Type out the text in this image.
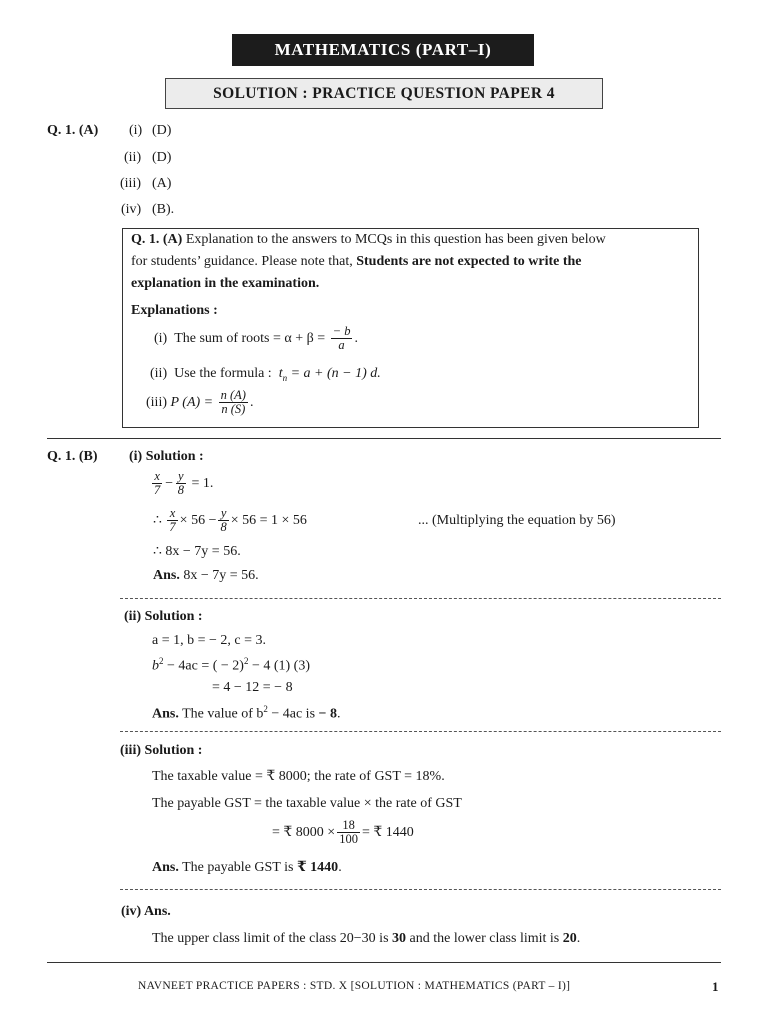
MATHEMATICS (PART–I)
SOLUTION : PRACTICE QUESTION PAPER 4
Q. 1. (A) (i) (D)
(ii) (D)
(iii) (A)
(iv) (B).
Q. 1. (A) Explanation to the answers to MCQs in this question has been given below
for students’ guidance. Please note that, Students are not expected to write the
explanation in the examination.
Explanations :
(i) The sum of roots = $\alpha + \beta = \frac{- b}{a}$ .
(ii) Use the formula : $t_n = a + (n - 1)$ d.
(iii) P $(A) = \frac{n (A)}{n (S)}$ .
Q. 1. (B) (i) Solution :
$\frac{x}{7} - \frac{y}{8} = 1$.
∴ $\frac{x}{7} \times 56 - \frac{y}{8} \times 56 = 1 \times 56$	... (Multiplying the equation by 56)
∴ 8x − 7y = 56.
Ans. 8x − 7y = 56.
(ii) Solution :
a = 1, b = − 2, c = 3.
$b^2 - 4ac$ = ( − 2)$^2$ − 4 (1) (3)
= 4 − 12 = − 8
Ans. The value of $b^2 - 4ac$ is − 8.
(iii) Solution :
The taxable value = ₹ 8000; the rate of GST = 18%.
The payable GST = the taxable value × the rate of GST
= ₹ $8000 \times \frac{18}{100}$ = ₹ 1440
Ans. The payable GST is ₹ 1440.
(iv) Ans.
The upper class limit of the class 20−30 is 30 and the lower class limit is 20.
NAVNEET PRACTICE PAPERS : STD. X [SOLUTION : MATHEMATICS (PART – I)]	1
